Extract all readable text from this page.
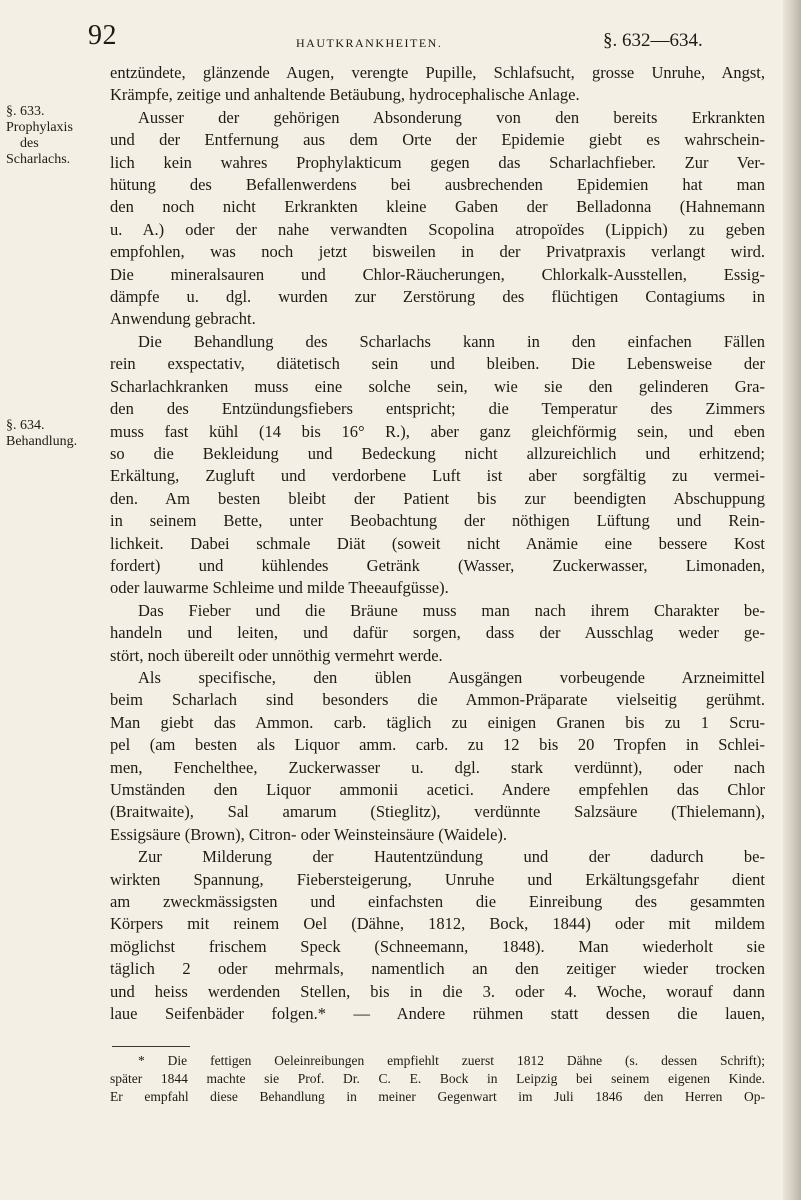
92	HAUTKRANKHEITEN.	§. 632—634.
§. 633.
Prophylaxis
des
Scharlachs.
§. 634.
Behandlung.
entzündete, glänzende Augen, verengte Pupille, Schlafsucht, grosse Unruhe, Angst,
Krämpfe, zeitige und anhaltende Betäubung, hydrocephalische Anlage.
Ausser der gehörigen Absonderung von den bereits Erkrankten
und der Entfernung aus dem Orte der Epidemie giebt es wahrschein-
lich kein wahres Prophylakticum gegen das Scharlachfieber. Zur Ver-
hütung des Befallenwerdens bei ausbrechenden Epidemien hat man
den noch nicht Erkrankten kleine Gaben der Belladonna (Hahnemann
u. A.) oder der nahe verwandten Scopolina atropoïdes (Lippich) zu geben
empfohlen, was noch jetzt bisweilen in der Privatpraxis verlangt wird.
Die mineralsauren und Chlor-Räucherungen, Chlorkalk-Ausstellen, Essig-
dämpfe u. dgl. wurden zur Zerstörung des flüchtigen Contagiums in
Anwendung gebracht.
Die Behandlung des Scharlachs kann in den einfachen Fällen
rein exspectativ, diätetisch sein und bleiben. Die Lebensweise der
Scharlachkranken muss eine solche sein, wie sie den gelinderen Gra-
den des Entzündungsfiebers entspricht; die Temperatur des Zimmers
muss fast kühl (14 bis 16° R.), aber ganz gleichförmig sein, und eben
so die Bekleidung und Bedeckung nicht allzureichlich und erhitzend;
Erkältung, Zugluft und verdorbene Luft ist aber sorgfältig zu vermei-
den. Am besten bleibt der Patient bis zur beendigten Abschuppung
in seinem Bette, unter Beobachtung der nöthigen Lüftung und Rein-
lichkeit. Dabei schmale Diät (soweit nicht Anämie eine bessere Kost
fordert) und kühlendes Getränk (Wasser, Zuckerwasser, Limonaden,
oder lauwarme Schleime und milde Theeaufgüsse).
Das Fieber und die Bräune muss man nach ihrem Charakter be-
handeln und leiten, und dafür sorgen, dass der Ausschlag weder ge-
stört, noch übereilt oder unnöthig vermehrt werde.
Als specifische, den üblen Ausgängen vorbeugende Arzneimittel
beim Scharlach sind besonders die Ammon-Präparate vielseitig gerühmt.
Man giebt das Ammon. carb. täglich zu einigen Granen bis zu 1 Scru-
pel (am besten als Liquor amm. carb. zu 12 bis 20 Tropfen in Schlei-
men, Fenchelthee, Zuckerwasser u. dgl. stark verdünnt), oder nach
Umständen den Liquor ammonii acetici. Andere empfehlen das Chlor
(Braitwaite), Sal amarum (Stieglitz), verdünnte Salzsäure (Thielemann),
Essigsäure (Brown), Citron- oder Weinsteinsäure (Waidele).
Zur Milderung der Hautentzündung und der dadurch be-
wirkten Spannung, Fiebersteigerung, Unruhe und Erkältungsgefahr dient
am zweckmässigsten und einfachsten die Einreibung des gesammten
Körpers mit reinem Oel (Dähne, 1812, Bock, 1844) oder mit mildem
möglichst frischem Speck (Schneemann, 1848). Man wiederholt sie
täglich 2 oder mehrmals, namentlich an den zeitiger wieder trocken
und heiss werdenden Stellen, bis in die 3. oder 4. Woche, worauf dann
laue Seifenbäder folgen.* — Andere rühmen statt dessen die lauen,
* Die fettigen Oeleinreibungen empfiehlt zuerst 1812 Dähne (s. dessen Schrift);
später 1844 machte sie Prof. Dr. C. E. Bock in Leipzig bei seinem eigenen Kinde.
Er empfahl diese Behandlung in meiner Gegenwart im Juli 1846 den Herren Op-
